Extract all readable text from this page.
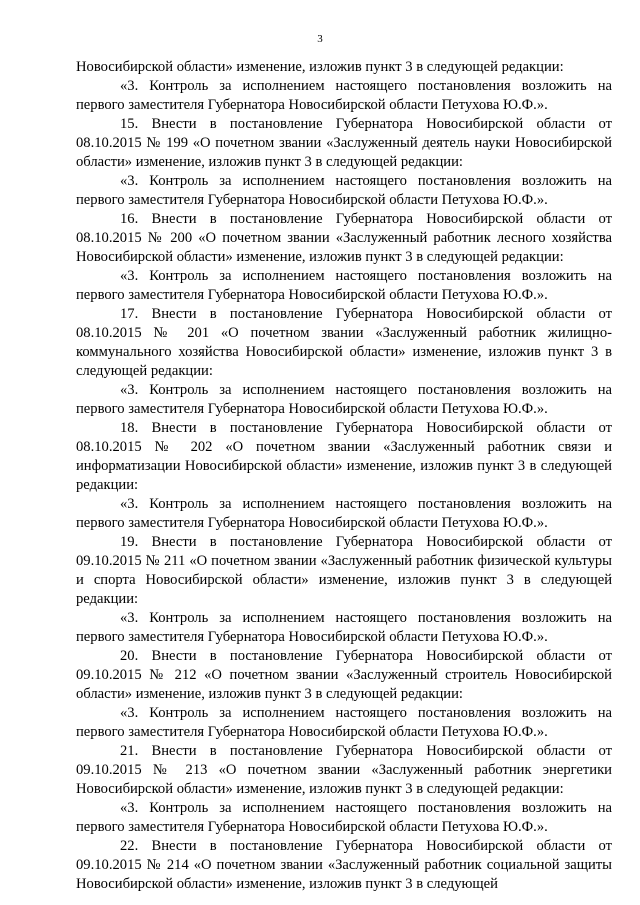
3

Новосибирской области» изменение, изложив пункт 3 в следующей редакции:

«3. Контроль за исполнением настоящего постановления возложить на первого заместителя Губернатора Новосибирской области Петухова Ю.Ф.».

15. Внести в постановление Губернатора Новосибирской области от 08.10.2015 № 199 «О почетном звании «Заслуженный деятель науки Новосибирской области» изменение, изложив пункт 3 в следующей редакции:

«3. Контроль за исполнением настоящего постановления возложить на первого заместителя Губернатора Новосибирской области Петухова Ю.Ф.».

16. Внести в постановление Губернатора Новосибирской области от 08.10.2015 № 200 «О почетном звании «Заслуженный работник лесного хозяйства Новосибирской области» изменение, изложив пункт 3 в следующей редакции:

«3. Контроль за исполнением настоящего постановления возложить на первого заместителя Губернатора Новосибирской области Петухова Ю.Ф.».

17. Внести в постановление Губернатора Новосибирской области от 08.10.2015 № 201 «О почетном звании «Заслуженный работник жилищно-коммунального хозяйства Новосибирской области» изменение, изложив пункт 3 в следующей редакции:

«3. Контроль за исполнением настоящего постановления возложить на первого заместителя Губернатора Новосибирской области Петухова Ю.Ф.».

18. Внести в постановление Губернатора Новосибирской области от 08.10.2015 № 202 «О почетном звании «Заслуженный работник связи и информатизации Новосибирской области» изменение, изложив пункт 3 в следующей редакции:

«3. Контроль за исполнением настоящего постановления возложить на первого заместителя Губернатора Новосибирской области Петухова Ю.Ф.».

19. Внести в постановление Губернатора Новосибирской области от 09.10.2015 № 211 «О почетном звании «Заслуженный работник физической культуры и спорта Новосибирской области» изменение, изложив пункт 3 в следующей редакции:

«3. Контроль за исполнением настоящего постановления возложить на первого заместителя Губернатора Новосибирской области Петухова Ю.Ф.».

20. Внести в постановление Губернатора Новосибирской области от 09.10.2015 № 212 «О почетном звании «Заслуженный строитель Новосибирской области» изменение, изложив пункт 3 в следующей редакции:

«3. Контроль за исполнением настоящего постановления возложить на первого заместителя Губернатора Новосибирской области Петухова Ю.Ф.».

21. Внести в постановление Губернатора Новосибирской области от 09.10.2015 № 213 «О почетном звании «Заслуженный работник энергетики Новосибирской области» изменение, изложив пункт 3 в следующей редакции:

«3. Контроль за исполнением настоящего постановления возложить на первого заместителя Губернатора Новосибирской области Петухова Ю.Ф.».

22. Внести в постановление Губернатора Новосибирской области от 09.10.2015 № 214 «О почетном звании «Заслуженный работник социальной защиты Новосибирской области» изменение, изложив пункт 3 в следующей
